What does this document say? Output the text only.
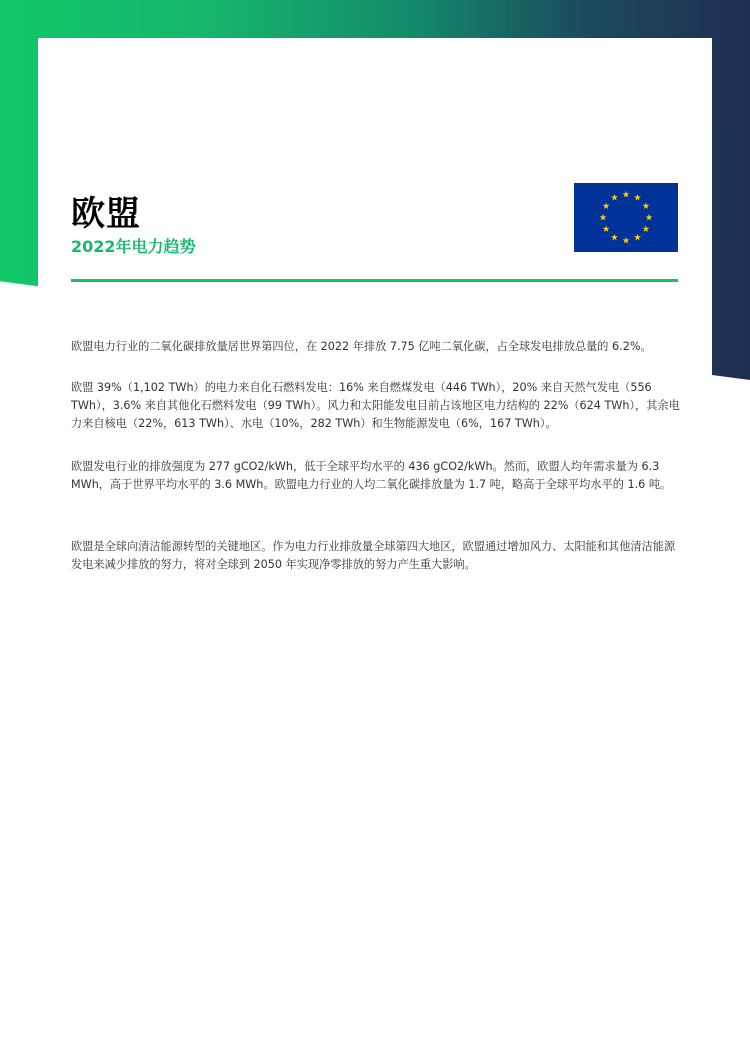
欧盟
2022年电力趋势

欧盟电力行业的二氧化碳排放量居世界第四位，在 2022 年排放 7.75 亿吨二氧化碳，占全球发电排放总量的 6.2%。

欧盟 39%（1,102 TWh）的电力来自化石燃料发电：16% 来自燃煤发电（446 TWh），20% 来自天然气发电（556 TWh），3.6% 来自其他化石燃料发电（99 TWh）。风力和太阳能发电目前占该地区电力结构的 22%（624 TWh），其余电力来自核电（22%，613 TWh）、水电（10%，282 TWh）和生物能源发电（6%，167 TWh）。

欧盟发电行业的排放强度为 277 gCO2/kWh，低于全球平均水平的 436 gCO2/kWh。然而，欧盟人均年需求量为 6.3 MWh，高于世界平均水平的 3.6 MWh。欧盟电力行业的人均二氧化碳排放量为 1.7 吨，略高于全球平均水平的 1.6 吨。

欧盟是全球向清洁能源转型的关键地区。作为电力行业排放量全球第四大地区，欧盟通过增加风力、太阳能和其他清洁能源发电来减少排放的努力，将对全球到 2050 年实现净零排放的努力产生重大影响。
